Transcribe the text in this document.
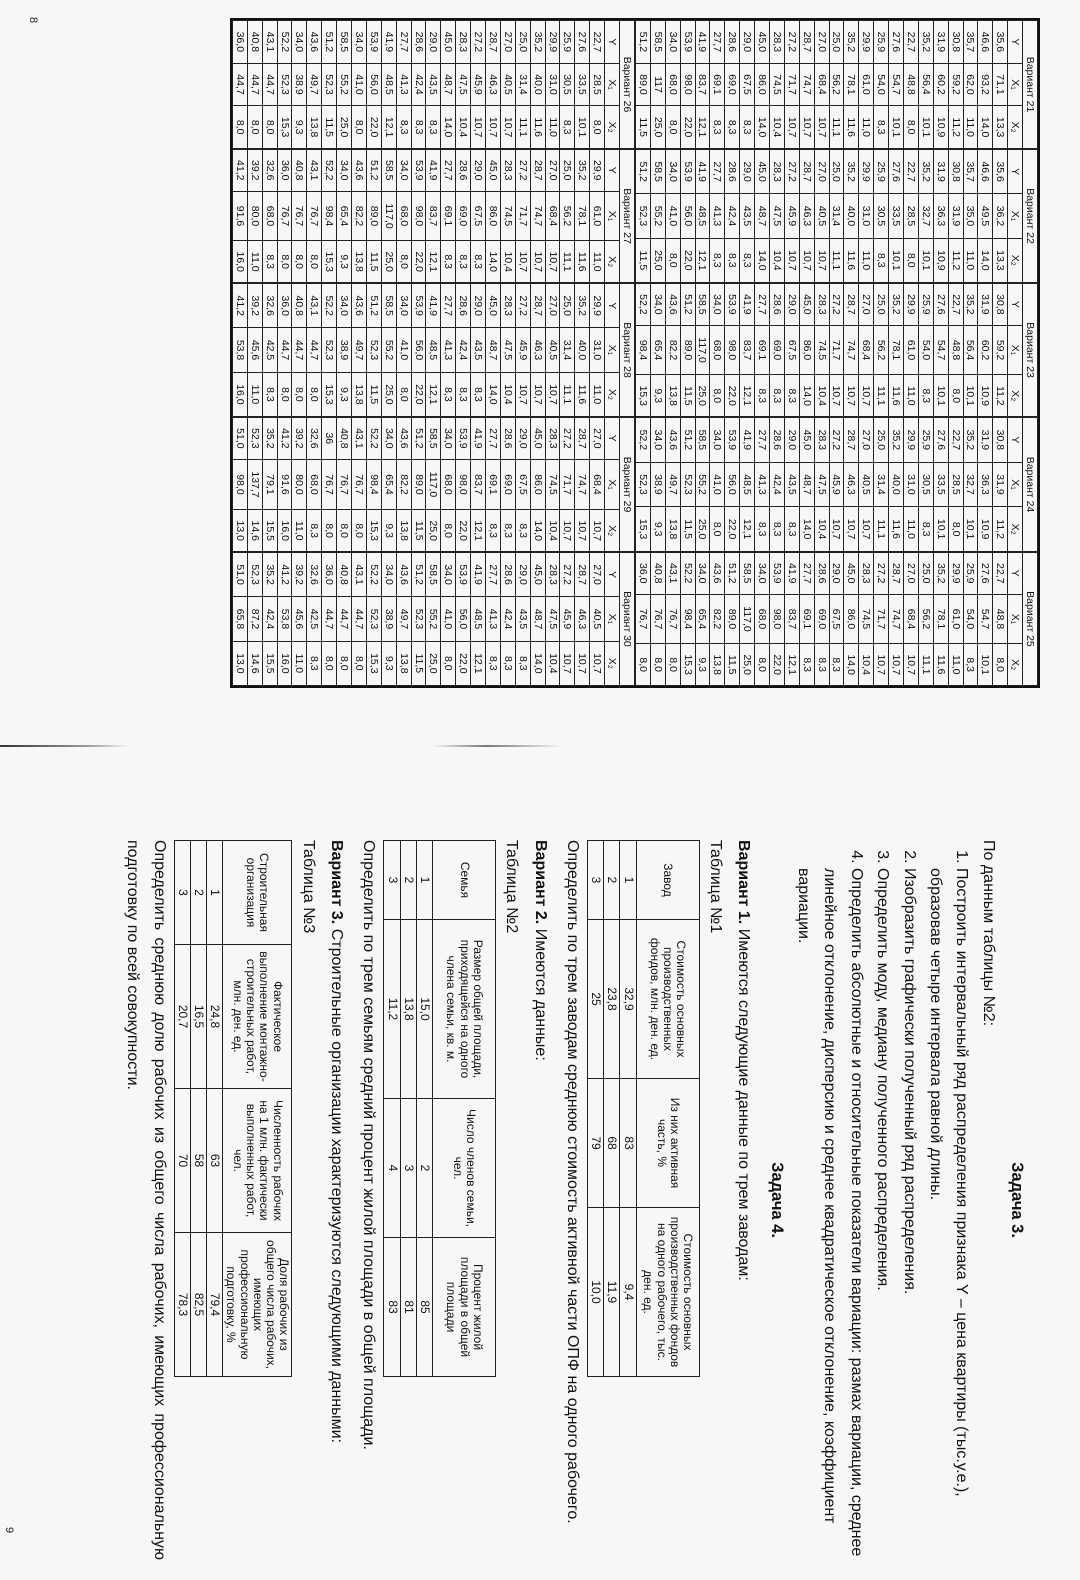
8
9
Вариант 21		
Y	X₁	X₂
35,6	71,1	13,3
46,6	93,2	14,0
35,7	62,0	11,0
30,8	59,2	11,2
31,9	60,2	10,9
35,2	56,4	10,1
22,7	48,8	8,0
27,6	54,7	10,1
25,9	54,0	8,3
29,9	61,0	11,0
35,2	78,1	11,6
25,0	56,2	11,1
27,0	68,4	10,7
28,7	74,7	10,7
27,2	71,7	10,7
28,3	74,5	10,4
45,0	86,0	14,0
29,0	67,5	8,3
28,6	69,0	8,3
27,7	69,1	8,3
41,9	83,7	12,1
53,9	98,0	22,0
34,0	68,0	8,0
58,5	117	25,0
51,2	89,0	11,5
Вариант 22		
Y	X₁	X₂
35,6	36,2	13,3
46,6	49,5	14,0
35,7	35,0	11,0
30,8	31,9	11,2
31,9	36,3	10,9
35,2	32,7	10,1
22,7	28,5	8,0
27,6	33,5	10,1
25,9	30,5	8,3
29,9	31,0	11,0
35,2	40,0	11,6
25,0	31,4	11,1
27,0	40,5	10,7
28,7	46,3	10,7
27,2	45,9	10,7
28,3	47,5	10,4
45,0	48,7	14,0
29,0	43,5	8,3
28,6	42,4	8,3
27,7	41,3	8,3
41,9	48,5	12,1
53,9	56,0	22,0
34,0	41,0	8,0
58,5	55,2	25,0
51,2	52,3	11,5
Вариант 23		
Y	X₁	X₂
30,8	59,2	11,2
31,9	60,2	10,9
35,2	56,4	10,1
22,7	48,8	8,0
27,6	54,7	10,1
25,9	54,0	8,3
29,9	61,0	11,0
35,2	78,1	11,6
25,0	56,2	11,1
27,0	68,4	10,7
28,7	74,7	10,7
27,2	71,7	10,7
28,3	74,5	10,4
45,0	86,0	14,0
29,0	67,5	8,3
28,6	69,0	8,3
27,7	69,1	8,3
41,9	83,7	12,1
53,9	98,0	22,0
34,0	68,0	8,0
58,5	117,0	25,0
51,2	89,0	11,5
43,6	82,2	13,8
34,0	65,4	9,3
52,2	98,4	15,3
Вариант 24		
Y	X₁	X₂
30,8	31,9	11,2
31,9	36,3	10,9
35,2	32,7	10,1
22,7	28,5	8,0
27,6	33,5	10,1
25,9	30,5	8,3
29,9	31,0	11,0
35,2	40,0	11,6
25,0	31,4	11,1
27,0	40,5	10,7
28,7	46,3	10,7
27,2	45,9	10,7
28,3	47,5	10,4
45,0	48,7	14,0
29,0	43,5	8,3
28,6	42,4	8,3
27,7	41,3	8,3
41,9	48,5	12,1
53,9	56,0	22,0
34,0	41,0	8,0
58,5	55,2	25,0
51,2	52,3	11,5
43,6	49,7	13,8
34,0	38,9	9,3
52,2	52,3	15,3
Вариант 25		
Y	X₁	X₂
22,7	48,8	8,0
27,6	54,7	10,1
25,9	54,0	8,3
29,9	61,0	11,0
35,2	78,1	11,6
25,0	56,2	11,1
27,0	68,4	10,7
28,7	74,7	10,7
27,2	71,7	10,7
28,3	74,5	10,4
45,0	86,0	14,0
29,0	67,5	8,3
28,6	69,0	8,3
27,7	69,1	8,3
41,9	83,7	12,1
53,9	98,0	22,0
34,0	68,0	8,0
58,5	117,0	25,0
51,2	89,0	11,5
43,6	82,2	13,8
34,0	65,4	9,3
52,2	98,4	15,3
43,1	76,7	8,0
40,8	76,7	8,0
36,0	76,7	8,0
Вариант 26		
Y	X₁	X₂
22,7	28,5	8,0
27,6	33,5	10,1
25,9	30,5	8,3
29,9	31,0	11,0
35,2	40,0	11,6
25,0	31,4	11,1
27,0	40,5	10,7
28,7	46,3	10,7
27,2	45,9	10,7
28,3	47,5	10,4
45,0	48,7	14,0
29,0	43,5	8,3
28,6	42,4	8,3
27,7	41,3	8,3
41,9	48,5	12,1
53,9	56,0	22,0
34,0	41,0	8,0
58,5	55,2	25,0
51,2	52,3	11,5
43,6	49,7	13,8
34,0	38,9	9,3
52,2	52,3	15,3
43,1	44,7	8,0
40,8	44,7	8,0
36,0	44,7	8,0
Вариант 27		
Y	X₁	X₂
29,9	61,0	11,0
35,2	78,1	11,6
25,0	56,2	11,1
27,0	68,4	10,7
28,7	74,7	10,7
27,2	71,7	10,7
28,3	74,5	10,4
45,0	86,0	14,0
29,0	67,5	8,3
28,6	69,0	8,3
27,7	69,1	8,3
41,9	83,7	12,1
53,9	98,0	22,0
34,0	68,0	8,0
58,5	117,0	25,0
51,2	89,0	11,5
43,6	82,2	13,8
34,0	65,4	9,3
52,2	98,4	15,3
43,1	76,7	8,0
40,8	76,7	8,0
36,0	76,7	8,0
32,6	68,0	8,3
39,2	80,0	11,0
41,2	91,6	16,0
Вариант 28		
Y	X₁	X₂
29,9	31,0	11,0
35,2	40,0	11,6
25,0	31,4	11,1
27,0	40,5	10,7
28,7	46,3	10,7
27,2	45,9	10,7
28,3	47,5	10,4
45,0	48,7	14,0
29,0	43,5	8,3
28,6	42,4	8,3
27,7	41,3	8,3
41,9	48,5	12,1
53,9	56,0	22,0
34,0	41,0	8,0
58,5	55,2	25,0
51,2	52,3	11,5
43,6	49,7	13,8
34,0	38,9	9,3
52,2	52,3	15,3
43,1	44,7	8,0
40,8	44,7	8,0
36,0	44,7	8,0
32,6	42,5	8,3
39,2	45,6	11,0
41,2	53,8	16,0
Вариант 29		
Y	X₁	X₂
27,0	68,4	10,7
28,7	74,7	10,7
27,2	71,7	10,7
28,3	74,5	10,4
45,0	86,0	14,0
29,0	67,5	8,3
28,6	69,0	8,3
27,7	69,1	8,3
41,9	83,7	12,1
53,9	98,0	22,0
34,0	68,0	8,0
58,5	117,0	25,0
51,2	89,0	11,5
43,6	82,2	13,8
34,0	65,4	9,3
52,2	98,4	15,3
43,1	76,7	8,0
40,8	76,7	8,0
36	76,7	8,0
32,6	68,0	8,3
39,2	80,0	11,0
41,2	91,6	16,0
35,2	79,1	15,5
52,3	137,7	14,6
51,0	98,0	13,0
Вариант 30		
Y	X₁	X₂
27,0	40,5	10,7
28,7	46,3	10,7
27,2	45,9	10,7
28,3	47,5	10,4
45,0	48,7	14,0
29,0	43,5	8,3
28,6	42,4	8,3
27,7	41,3	8,3
41,9	48,5	12,1
53,9	56,0	22,0
34,0	41,0	8,0
58,5	55,2	25,0
51,2	52,3	11,5
43,6	49,7	13,8
34,0	38,9	9,3
52,2	52,3	15,3
43,1	44,7	8,0
40,8	44,7	8,0
36,0	44,7	8,0
32,6	42,5	8,3
39,2	45,6	11,0
41,2	53,8	16,0
35,2	42,4	15,5
52,3	87,2	14,6
51,0	65,8	13,0

Задача 3.

По данным таблицы №2:

1. Построить интервальный ряд распределения признака Y – цена квартиры (тыс.у.е.), образовав четыре интервала равной длины.
2. Изобразить графически полученный ряд распределения.
3. Определить моду, медиану полученного распределения.
4. Определить абсолютные и относительные показатели вариации: размах вариации, среднее линейное отклонение, дисперсию и среднее квадратическое отклонение, коэффициент вариации.

Задача 4.

Вариант 1. Имеются следующие данные по трем заводам:

Таблица №1

Завод	Стоимость основных производственных фондов, млн. ден. ед.	Из них активная часть, %	Стоимость основных производственных фондов на одного рабочего, тыс. ден. ед.
1	32,9	83	9,4
2	23,8	68	11,9
3	25	79	10,0

Определить по трем заводам среднюю стоимость активной части ОПФ на одного рабочего.

Вариант 2. Имеются данные:

Таблица №2

Семья	Размер общей площади, приходящейся на одного члена семьи, кв. м.	Число членов семьи, чел.	Процент жилой площади в общей площади
1	15,0	2	85
2	13,8	3	81
3	11,2	4	83

Определить по трем семьям средний процент жилой площади в общей площади.

Вариант 3. Строительные организации характеризуются следующими данными:

Таблица №3

Строительная организация	Фактическое выполнение монтажно-строительных работ, млн. ден. ед.	Численность рабочих на 1 млн. фактически выполненных работ, чел.	Доля рабочих из общего числа рабочих, имеющих профессиональную подготовку, %
1	24,8	63	79,4
2	16,5	58	82,5
3	20,7	70	78,3

Определить среднюю долю рабочих из общего числа рабочих, имеющих профессиональную подготовку по всей совокупности.
